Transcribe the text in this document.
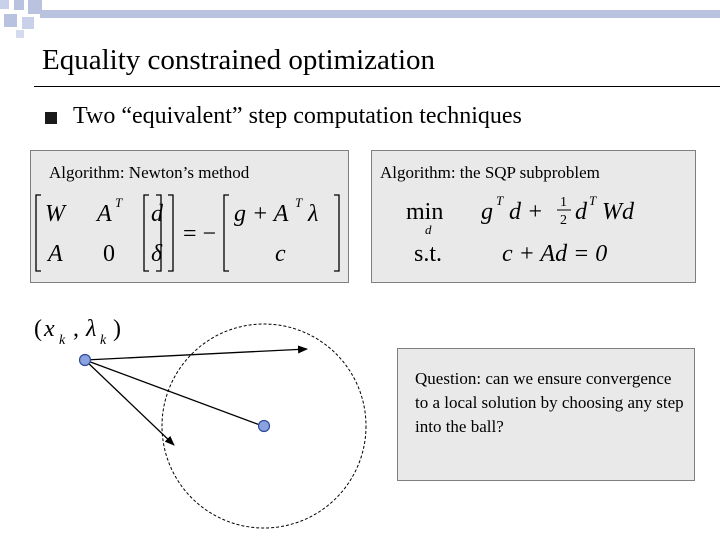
Equality constrained optimization
Two “equivalent” step computation techniques
Algorithm: Newton’s method
W A T
A 0
d
δ
= −
g + A T λ
c
Algorithm: the SQP subproblem
min
d
s.t.
g T d + 1
2 d T Wd
c + Ad = 0
( x k , λ k )
Question: can we ensure convergence to a local solution by choosing any step into the ball?
